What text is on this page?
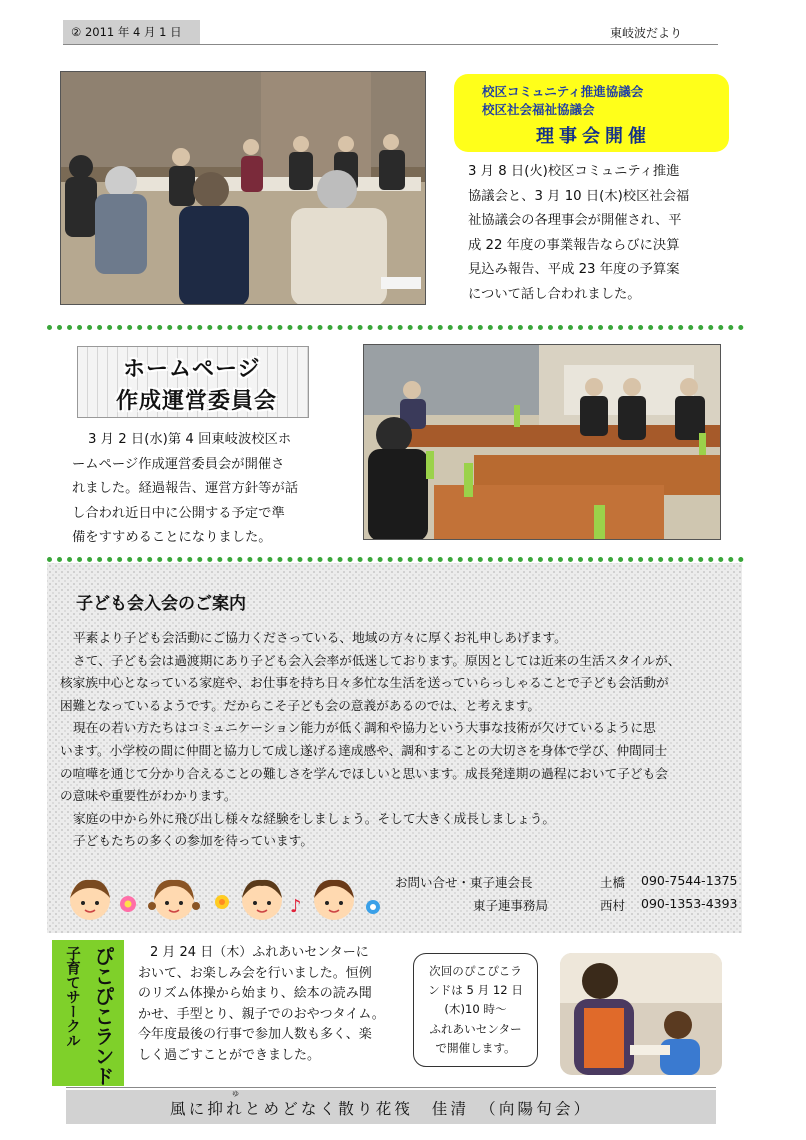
② 2011 年 4 月 1 日	東岐波だより
校区コミュニティ推進協議会
校区社会福祉協議会
理事会開催
3 月 8 日(火)校区コミュニティ推進
協議会と、3 月 10 日(木)校区社会福
祉協議会の各理事会が開催され、平
成 22 年度の事業報告ならびに決算
見込み報告、平成 23 年度の予算案
について話し合われました。
ホームページ
作成運営委員会
3 月 2 日(水)第 4 回東岐波校区ホ
ームページ作成運営委員会が開催さ
れました。経過報告、運営方針等が話
し合われ近日中に公開する予定で準
備をすすめることになりました。
子ども会入会のご案内

平素より子ども会活動にご協力くださっている、地域の方々に厚くお礼申しあげます。

さて、子ども会は過渡期にあり子ども会入会率が低迷しております。原因としては近来の生活スタイルが、

核家族中心となっている家庭や、お仕事を持ち日々多忙な生活を送っていらっしゃることで子ども会活動が

困難となっているようです。だからこそ子ども会の意義があるのでは、と考えます。

現在の若い方たちはコミュニケーション能力が低く調和や協力という大事な技術が欠けているように思

います。小学校の間に仲間と協力して成し遂げる達成感や、調和することの大切さを身体で学び、仲間同士

の喧嘩を通じて分かり合えることの難しさを学んでほしいと思います。成長発達期の過程において子ども会

の意味や重要性がわかります。

家庭の中から外に飛び出し様々な経験をしましょう。そして大きく成長しましょう。

子どもたちの多くの参加を待っています。

お問い合せ・東子連会長	土橋 090-7544-1375
東子連事務局	西村 090-1353-4393
♪
子育てサークル ぴこぴこランド	2 月 24 日（木）ふれあいセンターに
おいて、お楽しみ会を行いました。恒例
のリズム体操から始まり、絵本の読み聞
かせ、手型とり、親子でのおやつタイム。
今年度最後の行事で参加人数も多く、楽
しく過ごすことができました。
次回のぴこぴこラ
ンドは 5 月 12 日
(木)10 時～
ふれあいセンター
で開催します。
ゆ
風に抑れとめどなく散り花筏　佳清　（向陽句会）
